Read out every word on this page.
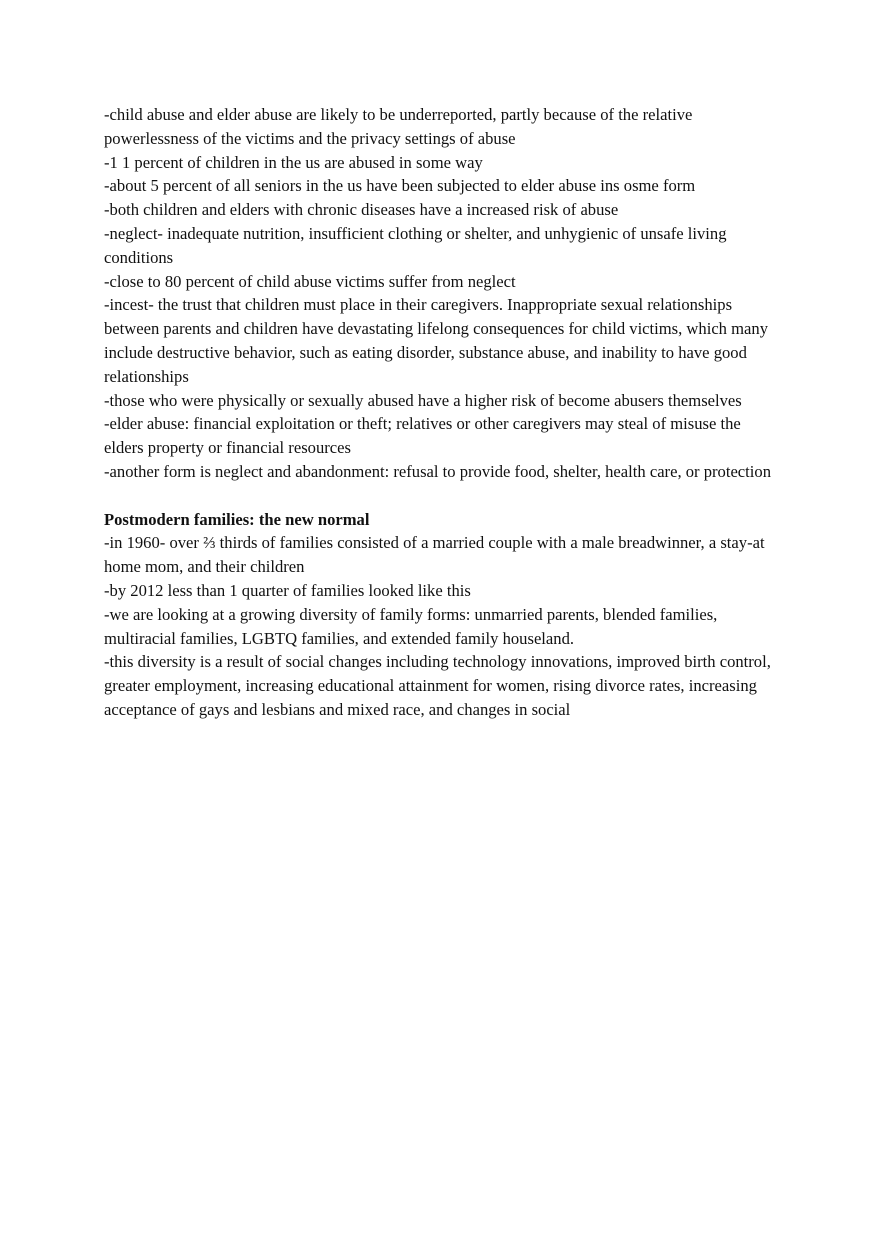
-child abuse and elder abuse are likely to be underreported, partly because of the relative powerlessness of the victims and the privacy settings of abuse

-1 1 percent of children in the us are abused in some way

-about 5 percent of all seniors in the us have been subjected to elder abuse ins osme form

-both children and elders with chronic diseases have a increased risk of abuse

-neglect- inadequate nutrition, insufficient clothing or shelter, and unhygienic of unsafe living conditions

-close to 80 percent of child abuse victims suffer from neglect

-incest- the trust that children must place in their caregivers. Inappropriate sexual relationships between parents and children have devastating lifelong consequences for child victims, which many include destructive behavior, such as eating disorder, substance abuse, and inability to have good relationships

-those who were physically or sexually abused have a higher risk of become abusers themselves

-elder abuse: financial exploitation or theft; relatives or other caregivers may steal of misuse the elders property or financial resources

-another form is neglect and abandonment: refusal to provide food, shelter, health care, or protection

Postmodern families: the new normal

-in 1960- over ⅔ thirds of families consisted of a married couple with a male breadwinner, a stay-at home mom, and their children

-by 2012 less than 1 quarter of families looked like this

-we are looking at a growing diversity of family forms: unmarried parents, blended families, multiracial families, LGBTQ families, and extended family houseland.

-this diversity is a result of social changes including technology innovations, improved birth control, greater employment, increasing educational attainment for women, rising divorce rates, increasing acceptance of gays and lesbians and mixed race, and changes in social
